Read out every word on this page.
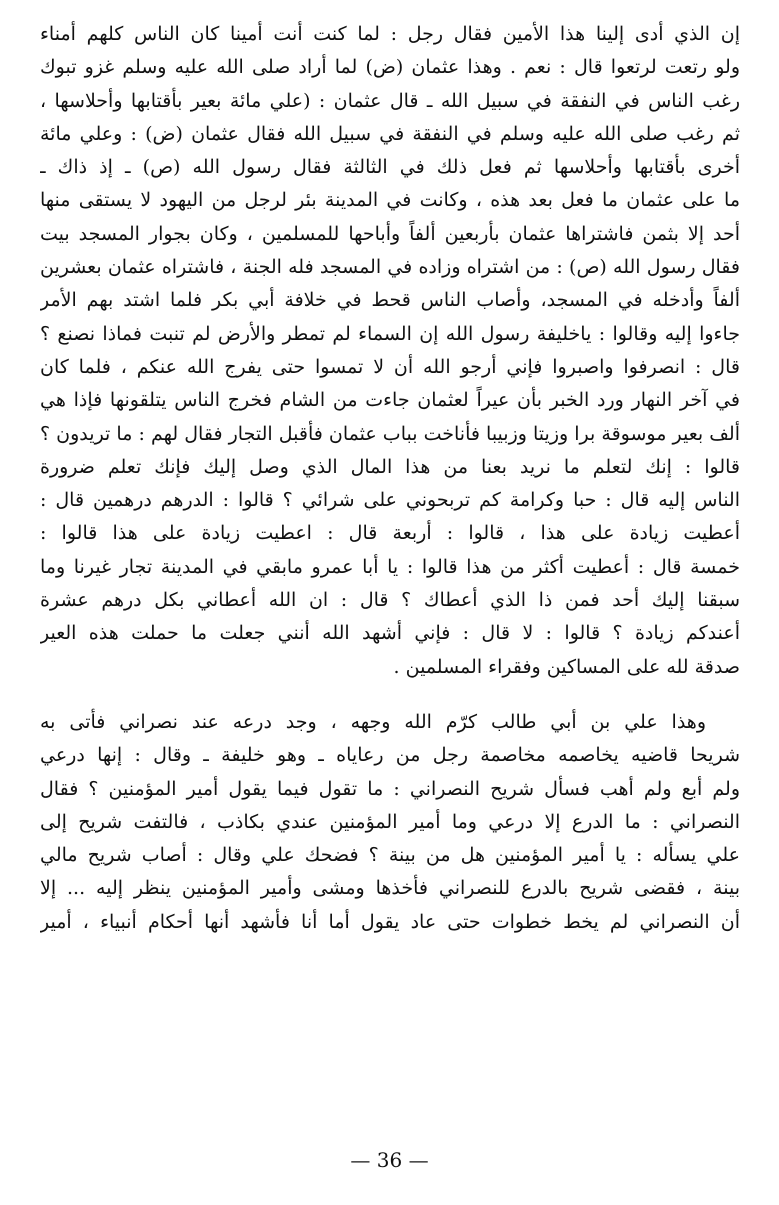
إن الذي أدى إلينا هذا الأمين فقال رجل : لما كنت أنت أمينا كان الناس كلهم أمناء
ولو رتعت لرتعوا قال : نعم . وهذا عثمان (ض) لما أراد صلى الله عليه وسلم غزو تبوك
رغب الناس في النفقة في سبيل الله ـ قال عثمان : (علي مائة بعير بأقتابها وأحلاسها ،
ثم رغب صلى الله عليه وسلم في النفقة في سبيل الله فقال عثمان (ض) : وعلي مائة
أخرى بأقتابها وأحلاسها ثم فعل ذلك في الثالثة فقال رسول الله (ص) ـ إذ ذاك ـ
ما على عثمان ما فعل بعد هذه ، وكانت في المدينة بئر لرجل من اليهود لا يستقى منها
أحد إلا بثمن فاشتراها عثمان بأربعين ألفاً وأباحها للمسلمين ، وكان بجوار المسجد بيت
فقال رسول الله (ص) : من اشتراه وزاده في المسجد فله الجنة ، فاشتراه عثمان بعشرين
ألفاً وأدخله في المسجد، وأصاب الناس قحط في خلافة أبي بكر فلما اشتد بهم الأمر
جاءوا إليه وقالوا : ياخليفة رسول الله إن السماء لم تمطر والأرض لم تنبت فماذا نصنع ؟
قال : انصرفوا واصبروا فإني أرجو الله أن لا تمسوا حتى يفرج الله عنكم ، فلما كان
في آخر النهار ورد الخبر بأن عيراً لعثمان جاءت من الشام فخرج الناس يتلقونها فإذا هي
ألف بعير موسوقة برا وزيتا وزبيبا فأناخت بباب عثمان فأقبل التجار فقال لهم : ما تريدون ؟
قالوا : إنك لتعلم ما نريد بعنا من هذا المال الذي وصل إليك فإنك تعلم ضرورة
الناس إليه قال : حبا وكرامة كم تربحوني على شرائي ؟ قالوا : الدرهم درهمين قال :
أعطيت زيادة على هذا ، قالوا : أربعة قال : اعطيت زيادة على هذا قالوا :
خمسة قال : أعطيت أكثر من هذا قالوا : يا أبا عمرو مابقي في المدينة تجار غيرنا وما
سبقنا إليك أحد فمن ذا الذي أعطاك ؟ قال : ان الله أعطاني بكل درهم عشرة
أعندكم زيادة ؟ قالوا : لا قال : فإني أشهد الله أنني جعلت ما حملت هذه العير
صدقة لله على المساكين وفقراء المسلمين .
وهذا علي بن أبي طالب كرّم الله وجهه ، وجد درعه عند نصراني فأتى به
شريحا قاضيه يخاصمه مخاصمة رجل من رعاياه ـ وهو خليفة ـ وقال : إنها درعي
ولم أبع ولم أهب فسأل شريح النصراني : ما تقول فيما يقول أمير المؤمنين ؟ فقال
النصراني : ما الدرع إلا درعي وما أمير المؤمنين عندي بكاذب ، فالتفت شريح إلى
علي يسأله : يا أمير المؤمنين هل من بينة ؟ فضحك علي وقال : أصاب شريح مالي
بينة ، فقضى شريح بالدرع للنصراني فأخذها ومشى وأمير المؤمنين ينظر إليه ... إلا
أن النصراني لم يخط خطوات حتى عاد يقول أما أنا فأشهد أنها أحكام أنبياء ، أمير
— 36 —
